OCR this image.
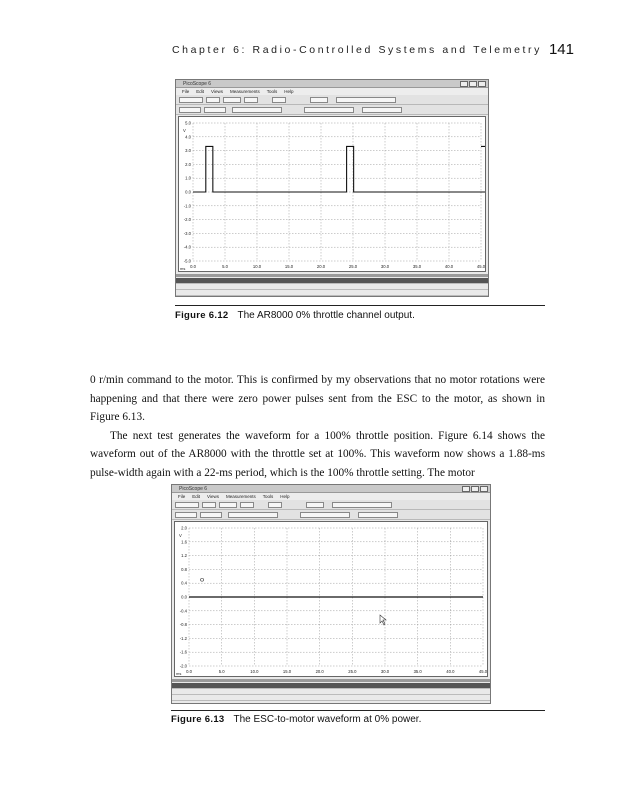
Chapter 6: Radio-Controlled Systems and Telemetry 141
PicoScope 6
File Edit Views Measurements Tools Help
5.0
4.0
3.0
2.0
1.0
0.0
-1.0
-2.0
-3.0
-4.0
-5.0
V
0.0	5.0	10.0	15.0	20.0	25.0	30.0	35.0	40.0	45.0
ms
Figure 6.12 The AR8000 0% throttle channel output.

0 r/min command to the motor. This is confirmed by my observations that no motor rotations were happening and that there were zero power pulses sent from the ESC to the motor, as shown in Figure 6.13.

The next test generates the waveform for a 100% throttle position. Figure 6.14 shows the waveform out of the AR8000 with the throttle set at 100%. This waveform now shows a 1.88-ms pulse-width again with a 22-ms period, which is the 100% throttle setting. The motor

PicoScope 6
File Edit Views Measurements Tools Help
2.0
1.6
1.2
0.8
0.4
0.0
-0.4
-0.8
-1.2
-1.6
-2.0
V
0.0	5.0	10.0	15.0	20.0	25.0	30.0	35.0	40.0	45.0
ms
Figure 6.13 The ESC-to-motor waveform at 0% power.
